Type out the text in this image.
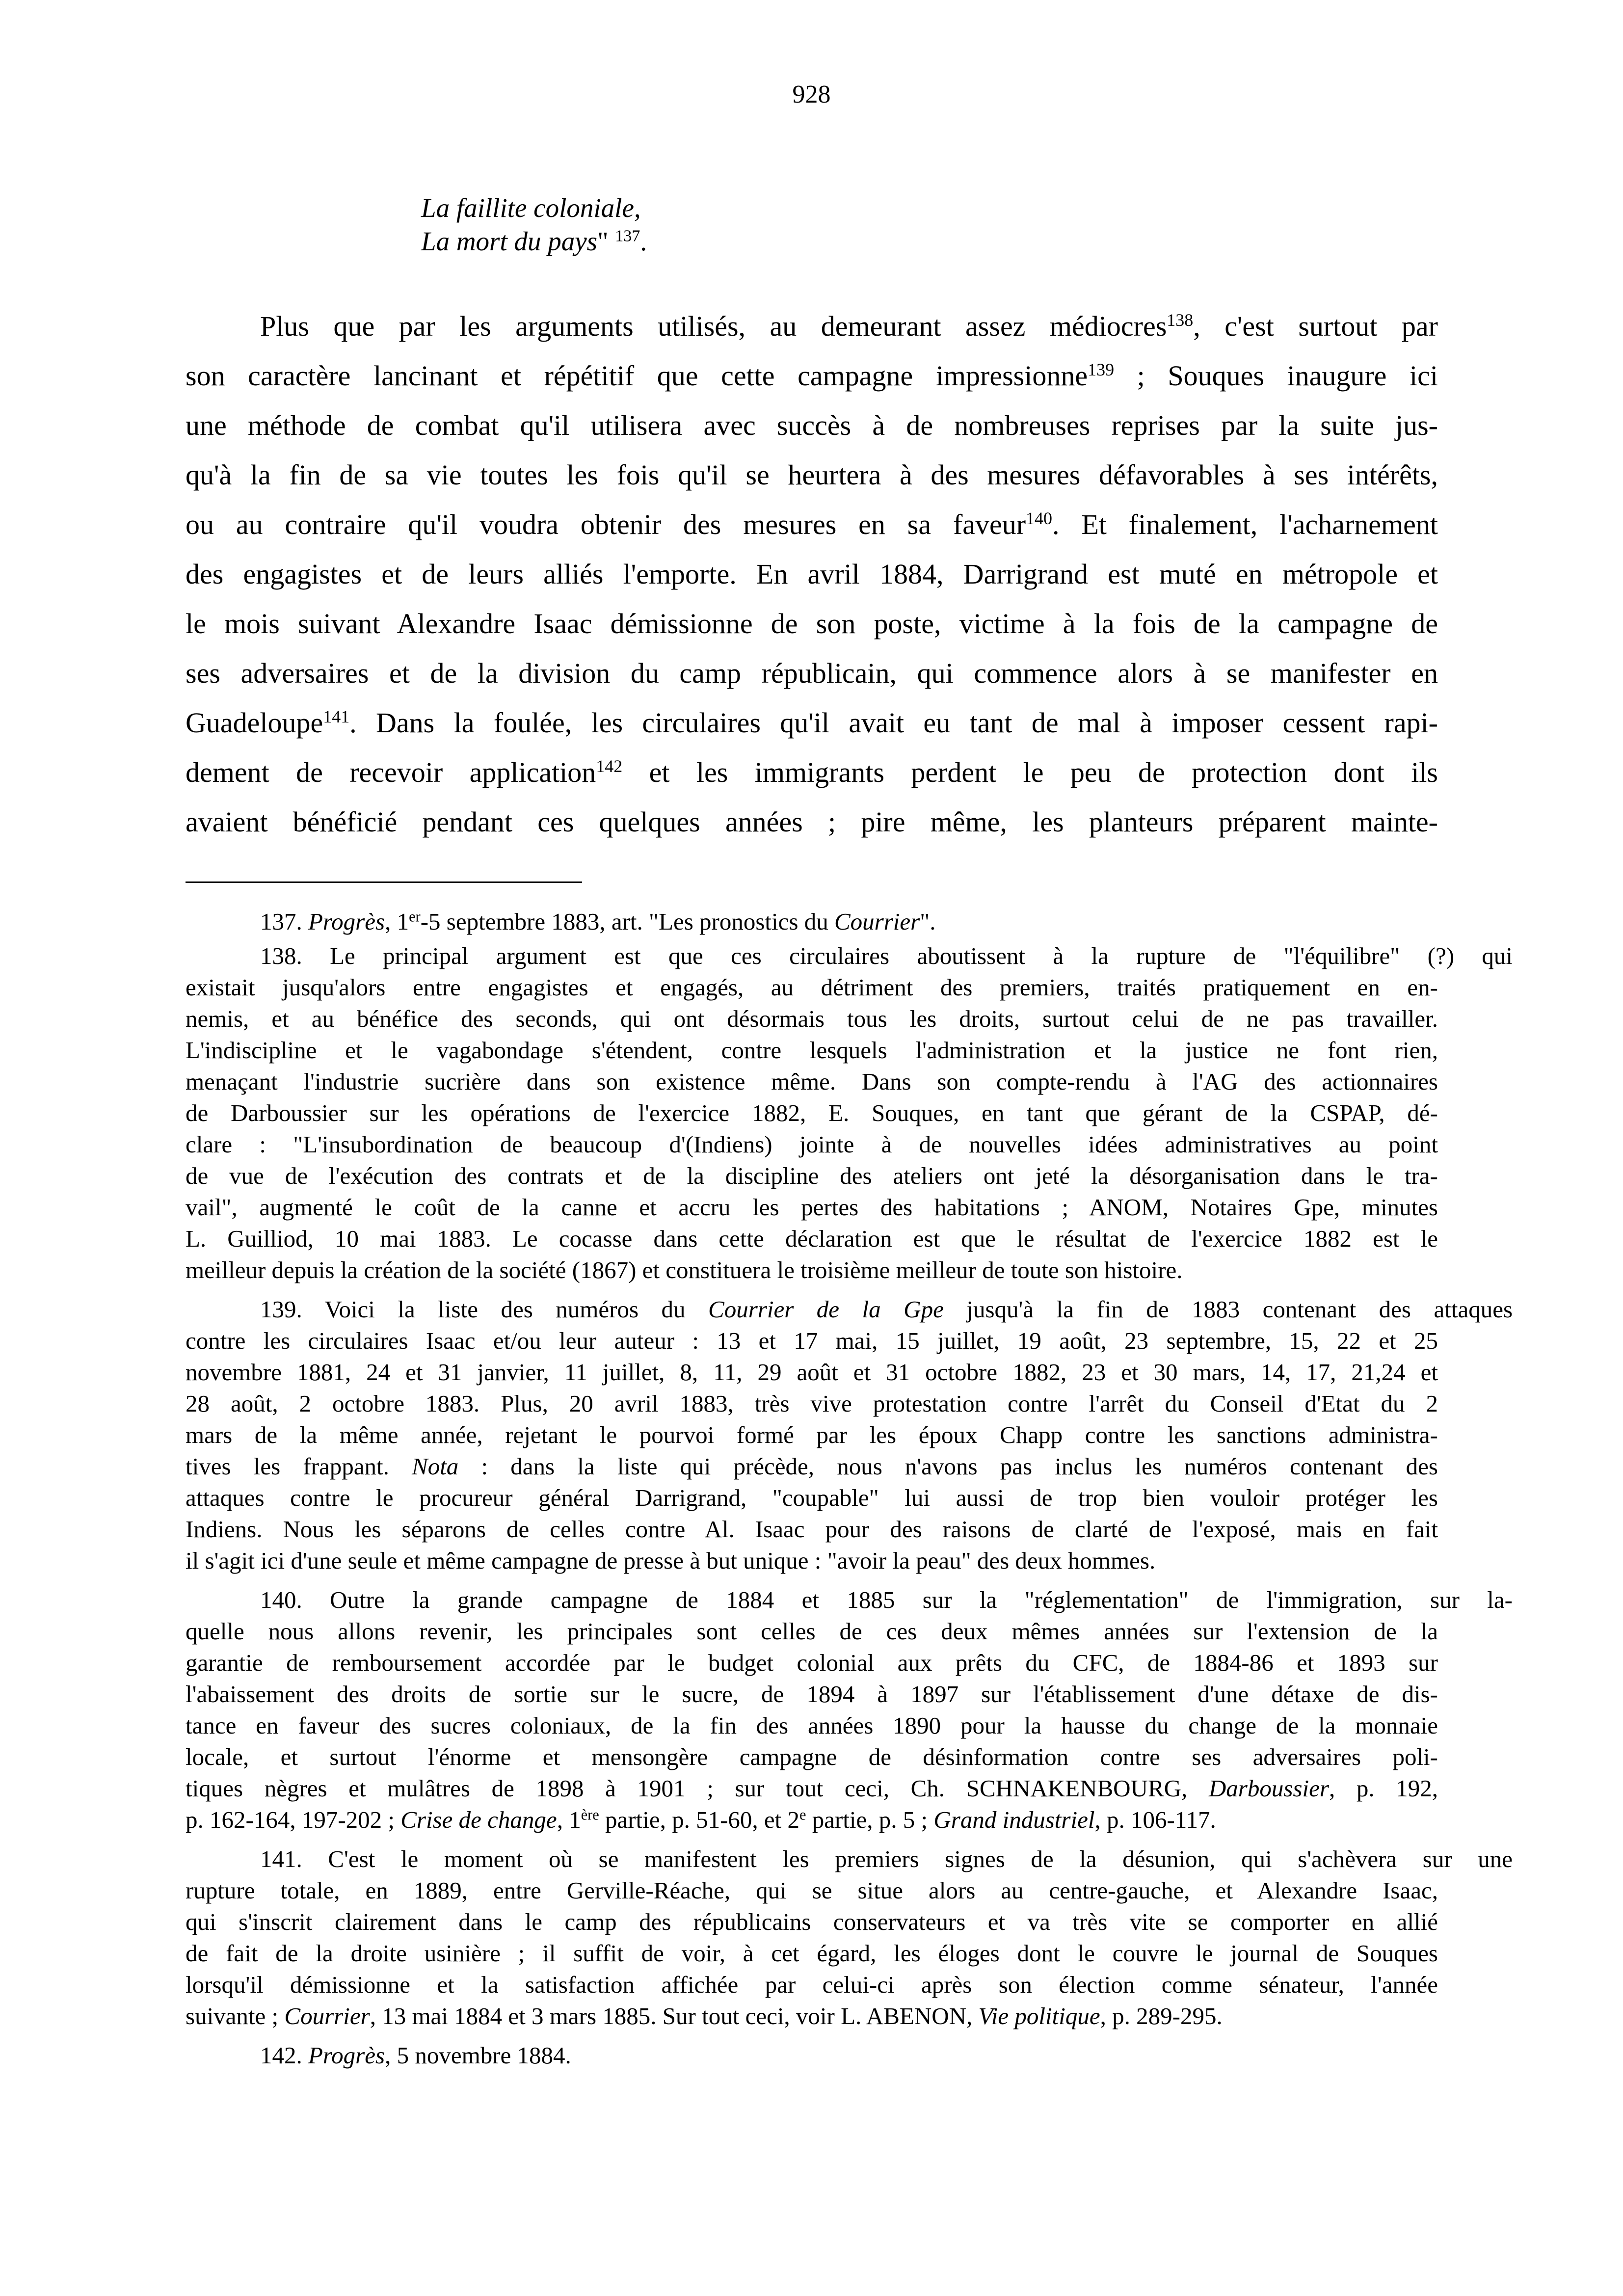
928
La faillite coloniale,
La mort du pays" $^{137}$.
Plus que par les arguments utilisés, au demeurant assez médiocres$^{138}$, c'est surtout par
son caractère lancinant et répétitif que cette campagne impressionne$^{139}$ ; Souques inaugure ici
une méthode de combat qu'il utilisera avec succès à de nombreuses reprises par la suite jus-
qu'à la fin de sa vie toutes les fois qu'il se heurtera à des mesures défavorables à ses intérêts,
ou au contraire qu'il voudra obtenir des mesures en sa faveur$^{140}$. Et finalement, l'acharnement
des engagistes et de leurs alliés l'emporte. En avril 1884, Darrigrand est muté en métropole et
le mois suivant Alexandre Isaac démissionne de son poste, victime à la fois de la campagne de
ses adversaires et de la division du camp républicain, qui commence alors à se manifester en
Guadeloupe$^{141}$. Dans la foulée, les circulaires qu'il avait eu tant de mal à imposer cessent rapi-
dement de recevoir application$^{142}$ et les immigrants perdent le peu de protection dont ils
avaient bénéficié pendant ces quelques années ; pire même, les planteurs préparent mainte-
137. Progrès, 1er-5 septembre 1883, art. "Les pronostics du Courrier".
138. Le principal argument est que ces circulaires aboutissent à la rupture de "l'équilibre" (?) qui
existait jusqu'alors entre engagistes et engagés, au détriment des premiers, traités pratiquement en en-
nemis, et au bénéfice des seconds, qui ont désormais tous les droits, surtout celui de ne pas travailler.
L'indiscipline et le vagabondage s'étendent, contre lesquels l'administration et la justice ne font rien,
menaçant l'industrie sucrière dans son existence même. Dans son compte-rendu à l'AG des actionnaires
de Darboussier sur les opérations de l'exercice 1882, E. Souques, en tant que gérant de la CSPAP, dé-
clare : "L'insubordination de beaucoup d'(Indiens) jointe à de nouvelles idées administratives au point
de vue de l'exécution des contrats et de la discipline des ateliers ont jeté la désorganisation dans le tra-
vail", augmenté le coût de la canne et accru les pertes des habitations ; ANOM, Notaires Gpe, minutes
L. Guilliod, 10 mai 1883. Le cocasse dans cette déclaration est que le résultat de l'exercice 1882 est le
meilleur depuis la création de la société (1867) et constituera le troisième meilleur de toute son histoire.
139. Voici la liste des numéros du Courrier de la Gpe jusqu'à la fin de 1883 contenant des attaques
contre les circulaires Isaac et/ou leur auteur : 13 et 17 mai, 15 juillet, 19 août, 23 septembre, 15, 22 et 25
novembre 1881, 24 et 31 janvier, 11 juillet, 8, 11, 29 août et 31 octobre 1882, 23 et 30 mars, 14, 17, 21,24 et
28 août, 2 octobre 1883. Plus, 20 avril 1883, très vive protestation contre l'arrêt du Conseil d'Etat du 2
mars de la même année, rejetant le pourvoi formé par les époux Chapp contre les sanctions administra-
tives les frappant. Nota : dans la liste qui précède, nous n'avons pas inclus les numéros contenant des
attaques contre le procureur général Darrigrand, "coupable" lui aussi de trop bien vouloir protéger les
Indiens. Nous les séparons de celles contre Al. Isaac pour des raisons de clarté de l'exposé, mais en fait
il s'agit ici d'une seule et même campagne de presse à but unique : "avoir la peau" des deux hommes.
140. Outre la grande campagne de 1884 et 1885 sur la "réglementation" de l'immigration, sur la-
quelle nous allons revenir, les principales sont celles de ces deux mêmes années sur l'extension de la
garantie de remboursement accordée par le budget colonial aux prêts du CFC, de 1884-86 et 1893 sur
l'abaissement des droits de sortie sur le sucre, de 1894 à 1897 sur l'établissement d'une détaxe de dis-
tance en faveur des sucres coloniaux, de la fin des années 1890 pour la hausse du change de la monnaie
locale, et surtout l'énorme et mensongère campagne de désinformation contre ses adversaires poli-
tiques nègres et mulâtres de 1898 à 1901 ; sur tout ceci, Ch. SCHNAKENBOURG, Darboussier, p. 192,
p. 162-164, 197-202 ; Crise de change, 1ère partie, p. 51-60, et 2e partie, p. 5 ; Grand industriel, p. 106-117.
141. C'est le moment où se manifestent les premiers signes de la désunion, qui s'achèvera sur une
rupture totale, en 1889, entre Gerville-Réache, qui se situe alors au centre-gauche, et Alexandre Isaac,
qui s'inscrit clairement dans le camp des républicains conservateurs et va très vite se comporter en allié
de fait de la droite usinière ; il suffit de voir, à cet égard, les éloges dont le couvre le journal de Souques
lorsqu'il démissionne et la satisfaction affichée par celui-ci après son élection comme sénateur, l'année
suivante ; Courrier, 13 mai 1884 et 3 mars 1885. Sur tout ceci, voir L. ABENON, Vie politique, p. 289-295.
142. Progrès, 5 novembre 1884.
